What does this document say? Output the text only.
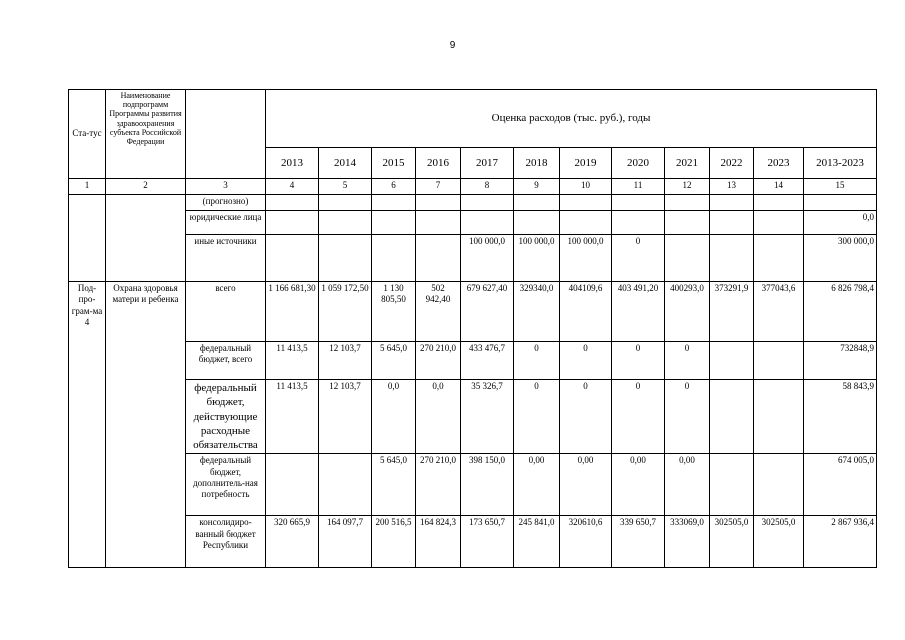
9
Ста-тус	Наименование подпрограмм Программы развития здравоохранения субъекта Российской Федерации		Оценка расходов (тыс. руб.), годы											
			2013	2014	2015	2016	2017	2018	2019	2020	2021	2022	2023	2013-2023
1	2	3	4	5	6	7	8	9	10	11	12	13	14	15
		(прогнозно)												
		юридические лица												0,0
		иные источники					100 000,0	100 000,0	100 000,0	0				300 000,0
Под-про-грам-ма 4	Охрана здоровья матери и ребенка	всего	1 166 681,30	1 059 172,50	1 130 805,50	502 942,40	679 627,40	329340,0	404109,6	403 491,20	400293,0	373291,9	377043,6	6 826 798,4
		федеральный бюджет, всего	11 413,5	12 103,7	5 645,0	270 210,0	433 476,7	0	0	0	0			732848,9
		федеральный бюджет, действующие расходные обязательства	11 413,5	12 103,7	0,0	0,0	35 326,7	0	0	0	0			58 843,9
		федеральный бюджет, дополнитель-ная потребность			5 645,0	270 210,0	398 150,0	0,00	0,00	0,00	0,00			674 005,0
		консолидиро-ванный бюджет Республики	320 665,9	164 097,7	200 516,5	164 824,3	173 650,7	245 841,0	320610,6	339 650,7	333069,0	302505,0	302505,0	2 867 936,4
